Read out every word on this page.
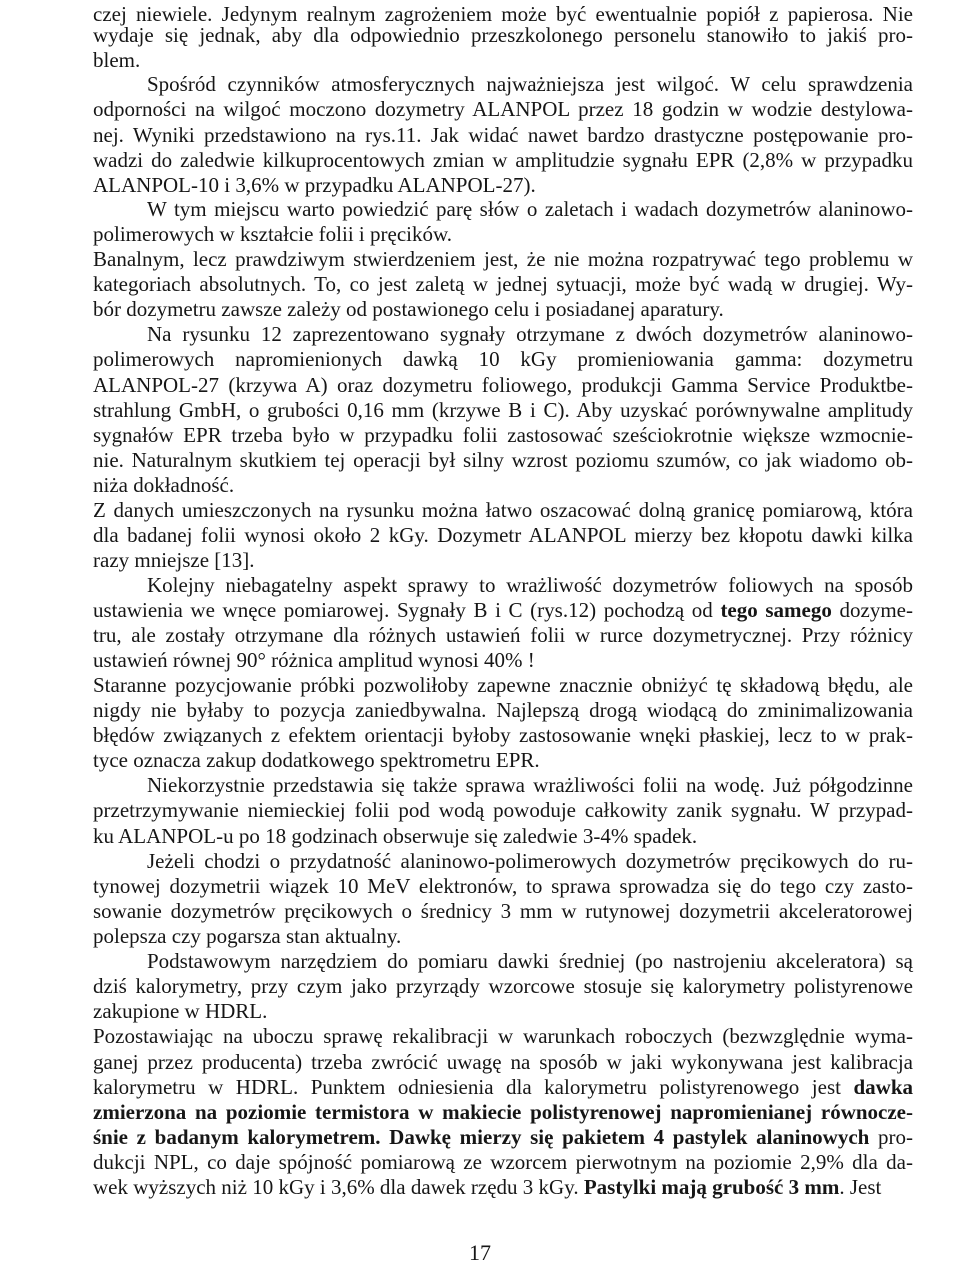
czej niewiele. Jedynym realnym zagrożeniem może być ewentualnie popiół z papierosa. Nie
wydaje się jednak, aby dla odpowiednio przeszkolonego personelu stanowiło to jakiś pro-
blem.
Spośród czynników atmosferycznych najważniejsza jest wilgoć. W celu sprawdzenia
odporności na wilgoć moczono dozymetry ALANPOL przez 18 godzin w wodzie destylowa-
nej. Wyniki przedstawiono na rys.11. Jak widać nawet bardzo drastyczne postępowanie pro-
wadzi do zaledwie kilkuprocentowych zmian w amplitudzie sygnału EPR (2,8% w przypadku
ALANPOL-10 i 3,6% w przypadku ALANPOL-27).
W tym miejscu warto powiedzić parę słów o zaletach i wadach dozymetrów alaninowo-
polimerowych w kształcie folii i pręcików.
Banalnym, lecz prawdziwym stwierdzeniem jest, że nie można rozpatrywać tego problemu w
kategoriach absolutnych. To, co jest zaletą w jednej sytuacji, może być wadą w drugiej. Wy-
bór dozymetru zawsze zależy od postawionego celu i posiadanej aparatury.
Na rysunku 12 zaprezentowano sygnały otrzymane z dwóch dozymetrów alaninowo-
polimerowych napromienionych dawką 10 kGy promieniowania gamma: dozymetru
ALANPOL-27 (krzywa A) oraz dozymetru foliowego, produkcji Gamma Service Produktbe-
strahlung GmbH, o grubości 0,16 mm (krzywe B i C). Aby uzyskać porównywalne amplitudy
sygnałów EPR trzeba było w przypadku folii zastosować sześciokrotnie większe wzmocnie-
nie. Naturalnym skutkiem tej operacji był silny wzrost poziomu szumów, co jak wiadomo ob-
niża dokładność.
Z danych umieszczonych na rysunku można łatwo oszacować dolną granicę pomiarową, która
dla badanej folii wynosi około 2 kGy. Dozymetr ALANPOL mierzy bez kłopotu dawki kilka
razy mniejsze [13].
Kolejny niebagatelny aspekt sprawy to wrażliwość dozymetrów foliowych na sposób
ustawienia we wnęce pomiarowej. Sygnały B i C (rys.12) pochodzą od tego samego dozyme-
tru, ale zostały otrzymane dla różnych ustawień folii w rurce dozymetrycznej. Przy różnicy
ustawień równej 90° różnica amplitud wynosi 40% !
Staranne pozycjowanie próbki pozwoliłoby zapewne znacznie obniżyć tę składową błędu, ale
nigdy nie byłaby to pozycja zaniedbywalna. Najlepszą drogą wiodącą do zminimalizowania
błędów związanych z efektem orientacji byłoby zastosowanie wnęki płaskiej, lecz to w prak-
tyce oznacza zakup dodatkowego spektrometru EPR.
Niekorzystnie przedstawia się także sprawa wrażliwości folii na wodę. Już półgodzinne
przetrzymywanie niemieckiej folii pod wodą powoduje całkowity zanik sygnału. W przypad-
ku ALANPOL-u po 18 godzinach obserwuje się zaledwie 3-4% spadek.
Jeżeli chodzi o przydatność alaninowo-polimerowych dozymetrów pręcikowych do ru-
tynowej dozymetrii wiązek 10 MeV elektronów, to sprawa sprowadza się do tego czy zasto-
sowanie dozymetrów pręcikowych o średnicy 3 mm w rutynowej dozymetrii akceleratorowej
polepsza czy pogarsza stan aktualny.
Podstawowym narzędziem do pomiaru dawki średniej (po nastrojeniu akceleratora) są
dziś kalorymetry, przy czym jako przyrządy wzorcowe stosuje się kalorymetry polistyrenowe
zakupione w HDRL.
Pozostawiając na uboczu sprawę rekalibracji w warunkach roboczych (bezwzględnie wyma-
ganej przez producenta) trzeba zwrócić uwagę na sposób w jaki wykonywana jest kalibracja
kalorymetru w HDRL. Punktem odniesienia dla kalorymetru polistyrenowego jest dawka
zmierzona na poziomie termistora w makiecie polistyrenowej napromienianej równocze-
śnie z badanym kalorymetrem. Dawkę mierzy się pakietem 4 pastylek alaninowych pro-
dukcji NPL, co daje spójność pomiarową ze wzorcem pierwotnym na poziomie 2,9% dla da-
wek wyższych niż 10 kGy i 3,6% dla dawek rzędu 3 kGy. Pastylki mają grubość 3 mm. Jest
17
